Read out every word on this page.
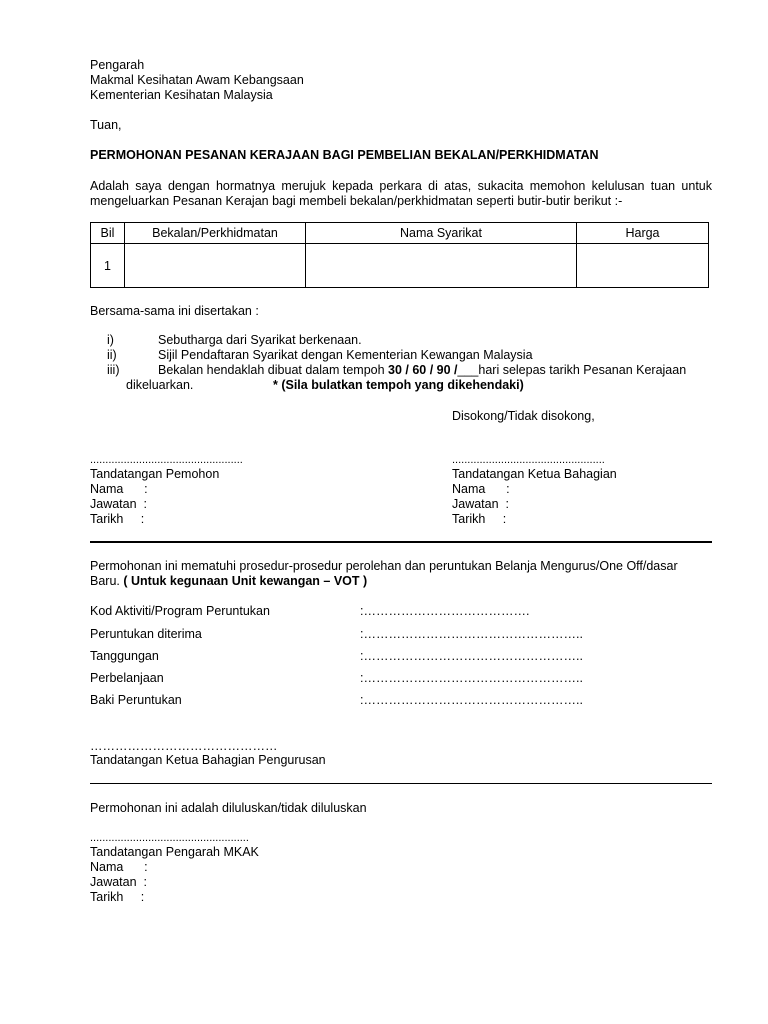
Pengarah
Makmal Kesihatan Awam Kebangsaan
Kementerian Kesihatan Malaysia
Tuan,
PERMOHONAN PESANAN KERAJAAN BAGI PEMBELIAN BEKALAN/PERKHIDMATAN
Adalah saya dengan hormatnya merujuk kepada perkara di atas, sukacita memohon kelulusan tuan untuk
mengeluarkan Pesanan Kerajan bagi membeli bekalan/perkhidmatan seperti butir-butir berikut :-
Bil	Bekalan/Perkhidmatan	Nama Syarikat	Harga
1			
Bersama-sama ini disertakan :
i)	Sebutharga dari Syarikat berkenaan.
ii)	Sijil Pendaftaran Syarikat dengan Kementerian Kewangan Malaysia
iii)	Bekalan hendaklah dibuat dalam tempoh 30 / 60 / 90 /___hari selepas tarikh Pesanan Kerajaan
dikeluarkan.	* (Sila bulatkan tempoh yang dikehendaki)
Disokong/Tidak disokong,
..................................................
Tandatangan Pemohon
Nama      :
Jawatan  :
Tarikh     :
..................................................
Tandatangan Ketua Bahagian
Nama      :
Jawatan  :
Tarikh     :
Permohonan ini mematuhi prosedur-prosedur perolehan dan peruntukan Belanja Mengurus/One Off/dasar
Baru. ( Untuk kegunaan Unit kewangan – VOT )
Kod Aktiviti/Program Peruntukan	:………………………………….
Peruntukan diterima	:……………………………………………..
Tanggungan	:……………………………………………..
Perbelanjaan	:……………………………………………..
Baki Peruntukan	:……………………………………………..
………………………………………
Tandatangan Ketua Bahagian Pengurusan
Permohonan ini adalah diluluskan/tidak diluluskan
....................................................
Tandatangan Pengarah MKAK
Nama      :
Jawatan  :
Tarikh     :
